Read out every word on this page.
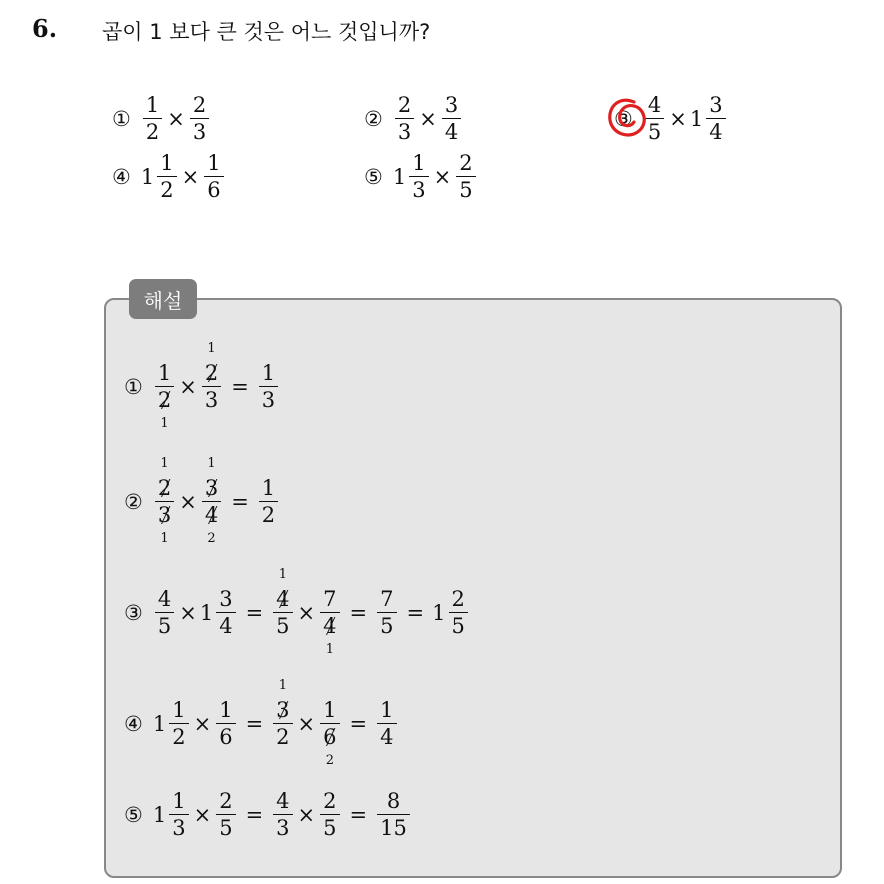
6. 곱이 1 보다 큰 것은 어느 것입니까?
① $\frac{1}{2} \times \frac{2}{3}$	② $\frac{2}{3} \times \frac{3}{4}$	③ $\frac{4}{5} \times 1 \frac{3}{4}$
④ $1 \frac{1}{2} \times \frac{1}{6}$	⑤ $1 \frac{1}{3} \times \frac{2}{5}$
해설
① 1
2
1 × 2
1
$3 = \frac{1}{3}$
② 2
1
3
1 × 3
1
4
$2 = \frac{1}{2}$
③ $\frac{4}{5} \times 1 \frac{3}{4} = 4$
1
5 × 7
4
$1 = \frac{7}{5} = 1 \frac{2}{5}$
④ $1 \frac{1}{2} \times \frac{1}{6} = 3$
1
2 × 1
6
$2 = \frac{1}{4}$
⑤ $1 \frac{1}{3} \times \frac{2}{5} = \frac{4}{3} \times \frac{2}{5} = \frac{8}{15}$
